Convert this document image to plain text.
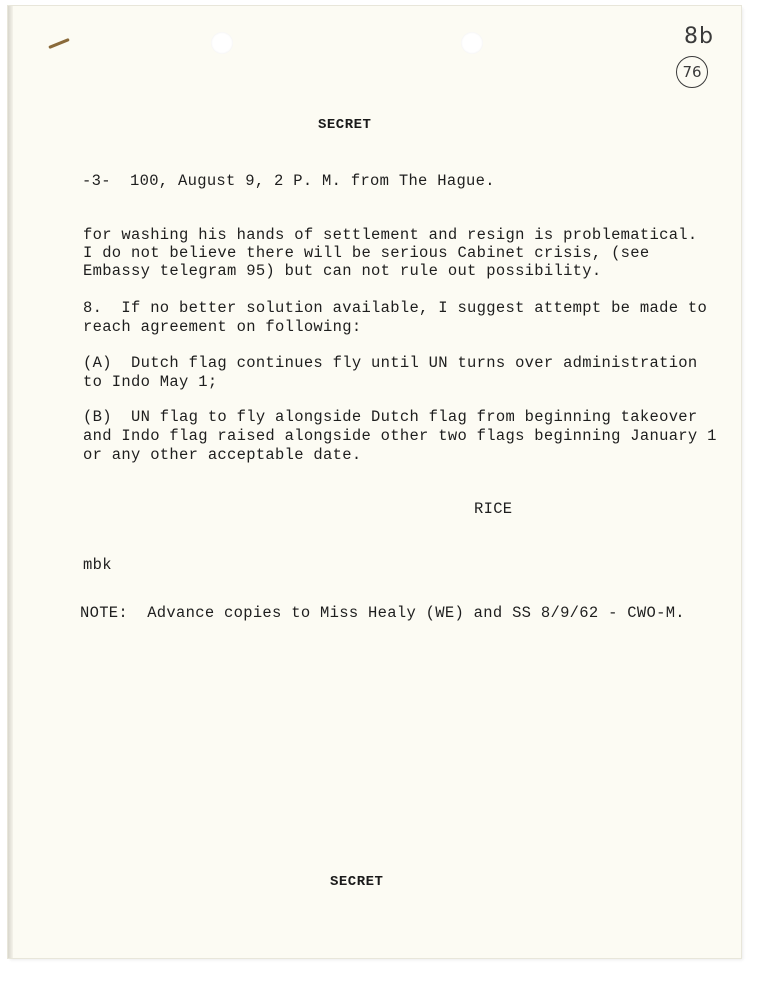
8b
76
SECRET
-3-  100, August 9, 2 P. M. from The Hague.
for washing his hands of settlement and resign is problematical.
I do not believe there will be serious Cabinet crisis, (see
Embassy telegram 95) but can not rule out possibility.
8.  If no better solution available, I suggest attempt be made to
reach agreement on following:
(A)  Dutch flag continues fly until UN turns over administration
to Indo May 1;
(B)  UN flag to fly alongside Dutch flag from beginning takeover
and Indo flag raised alongside other two flags beginning January 1
or any other acceptable date.
RICE
mbk
NOTE:  Advance copies to Miss Healy (WE) and SS 8/9/62 - CWO-M.
SECRET
